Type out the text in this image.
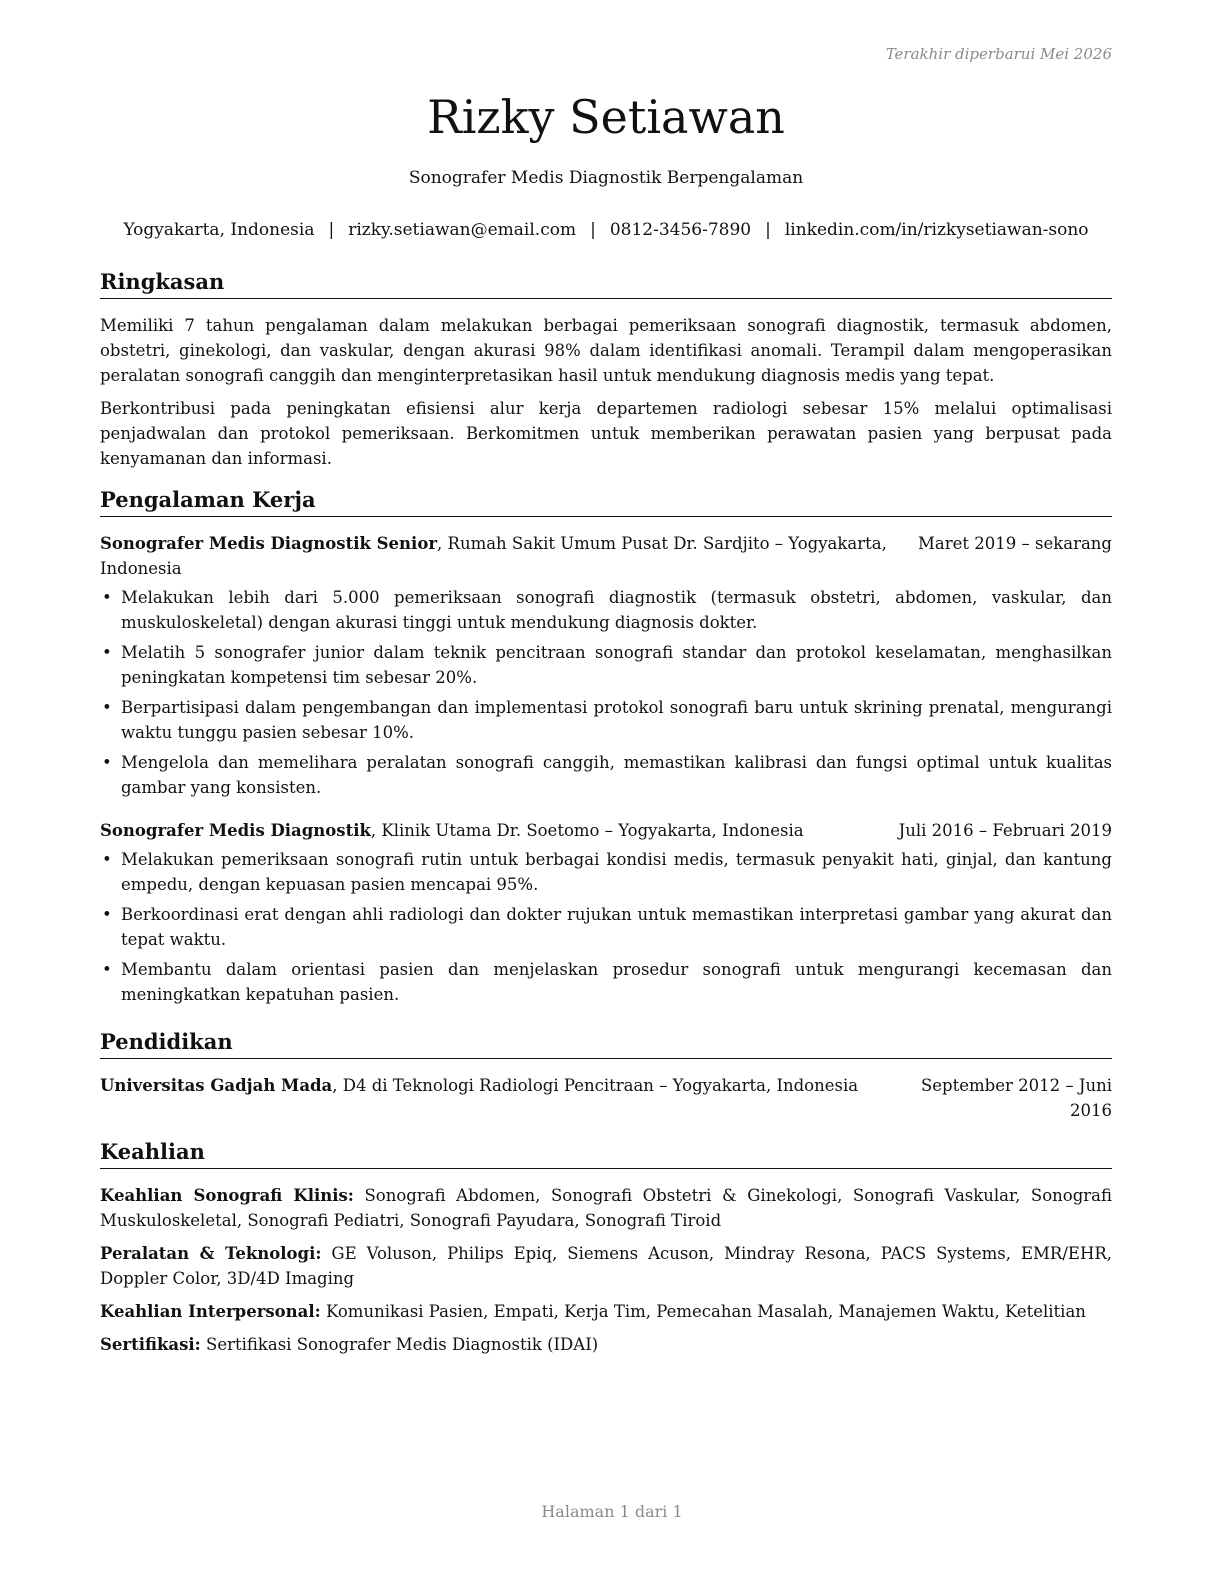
Terakhir diperbarui Mei 2026
Rizky Setiawan
Sonografer Medis Diagnostik Berpengalaman
Yogyakarta, Indonesia | rizky.setiawan@email.com | 0812-3456-7890 | linkedin.com/in/rizkysetiawan-sono
Ringkasan

Memiliki 7 tahun pengalaman dalam melakukan berbagai pemeriksaan sonografi diagnostik, termasuk abdomen, obstetri, ginekologi, dan vaskular, dengan akurasi 98% dalam identifikasi anomali. Terampil dalam mengoperasikan peralatan sonografi canggih dan menginterpretasikan hasil untuk mendukung diagnosis medis yang tepat.

Berkontribusi pada peningkatan efisiensi alur kerja departemen radiologi sebesar 15% melalui optimalisasi penjadwalan dan protokol pemeriksaan. Berkomitmen untuk memberikan perawatan pasien yang berpusat pada kenyamanan dan informasi.

Pengalaman Kerja
Sonografer Medis Diagnostik Senior, Rumah Sakit Umum Pusat Dr. Sardjito – Yogyakarta, Indonesia
Maret 2019 – sekarang
• Melakukan lebih dari 5.000 pemeriksaan sonografi diagnostik (termasuk obstetri, abdomen, vaskular, dan muskuloskeletal) dengan akurasi tinggi untuk mendukung diagnosis dokter.
• Melatih 5 sonografer junior dalam teknik pencitraan sonografi standar dan protokol keselamatan, menghasilkan peningkatan kompetensi tim sebesar 20%.
• Berpartisipasi dalam pengembangan dan implementasi protokol sonografi baru untuk skrining prenatal, mengurangi waktu tunggu pasien sebesar 10%.
• Mengelola dan memelihara peralatan sonografi canggih, memastikan kalibrasi dan fungsi optimal untuk kualitas gambar yang konsisten.
Sonografer Medis Diagnostik, Klinik Utama Dr. Soetomo – Yogyakarta, Indonesia	Juli 2016 – Februari 2019
• Melakukan pemeriksaan sonografi rutin untuk berbagai kondisi medis, termasuk penyakit hati, ginjal, dan kantung empedu, dengan kepuasan pasien mencapai 95%.
• Berkoordinasi erat dengan ahli radiologi dan dokter rujukan untuk memastikan interpretasi gambar yang akurat dan tepat waktu.
• Membantu dalam orientasi pasien dan menjelaskan prosedur sonografi untuk mengurangi kecemasan dan meningkatkan kepatuhan pasien.
Pendidikan
Universitas Gadjah Mada, D4 di Teknologi Radiologi Pencitraan – Yogyakarta, Indonesia	September 2012 – Juni 2016
Keahlian
Keahlian Sonografi Klinis: Sonografi Abdomen, Sonografi Obstetri & Ginekologi, Sonografi Vaskular, Sonografi Muskuloskeletal, Sonografi Pediatri, Sonografi Payudara, Sonografi Tiroid
Peralatan & Teknologi: GE Voluson, Philips Epiq, Siemens Acuson, Mindray Resona, PACS Systems, EMR/EHR, Doppler Color, 3D/4D Imaging
Keahlian Interpersonal: Komunikasi Pasien, Empati, Kerja Tim, Pemecahan Masalah, Manajemen Waktu, Ketelitian
Sertifikasi: Sertifikasi Sonografer Medis Diagnostik (IDAI)
Halaman 1 dari 1
